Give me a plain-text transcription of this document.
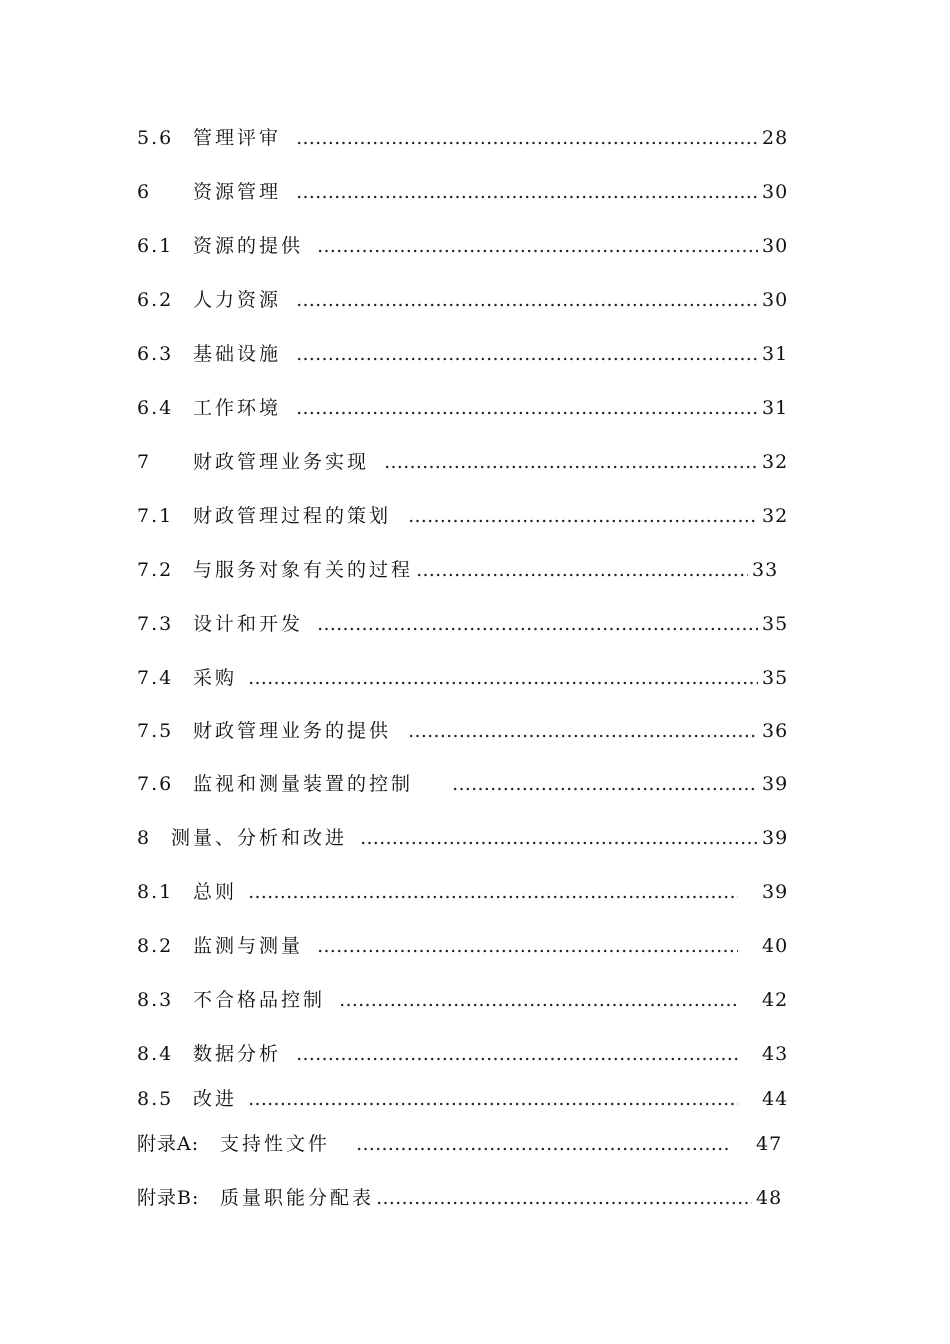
5.6 管理评审 …………………………………………………………………………………………………………………………………………	28
6 资源管理 …………………………………………………………………………………………………………………………………………	30
6.1 资源的提供 …………………………………………………………………………………………………………………………………………	30
6.2 人力资源 …………………………………………………………………………………………………………………………………………	30
6.3 基础设施 …………………………………………………………………………………………………………………………………………	31
6.4 工作环境 …………………………………………………………………………………………………………………………………………	31
7 财政管理业务实现 …………………………………………………………………………………………………………………………………………	32
7.1 财政管理过程的策划 …………………………………………………………………………………………………………………………………………	32
7.2 与服务对象有关的过程 …………………………………………………………………………………………………………………………………………	33
7.3 设计和开发 …………………………………………………………………………………………………………………………………………	35
7.4 采购 …………………………………………………………………………………………………………………………………………	35
7.5 财政管理业务的提供 …………………………………………………………………………………………………………………………………………	36
7.6 监视和测量装置的控制 …………………………………………………………………………………………………………………………………………	39
8 测量、分析和改进 …………………………………………………………………………………………………………………………………………	39
8.1 总则 …………………………………………………………………………………………………………………………………………	39
8.2 监测与测量 …………………………………………………………………………………………………………………………………………	40
8.3 不合格品控制 …………………………………………………………………………………………………………………………………………	42
8.4 数据分析 …………………………………………………………………………………………………………………………………………	43
8.5 改进 …………………………………………………………………………………………………………………………………………	44
附录A: 支持性文件 …………………………………………………………………………………………………………………………………………	47
附录B: 质量职能分配表 …………………………………………………………………………………………………………………………………………	48
